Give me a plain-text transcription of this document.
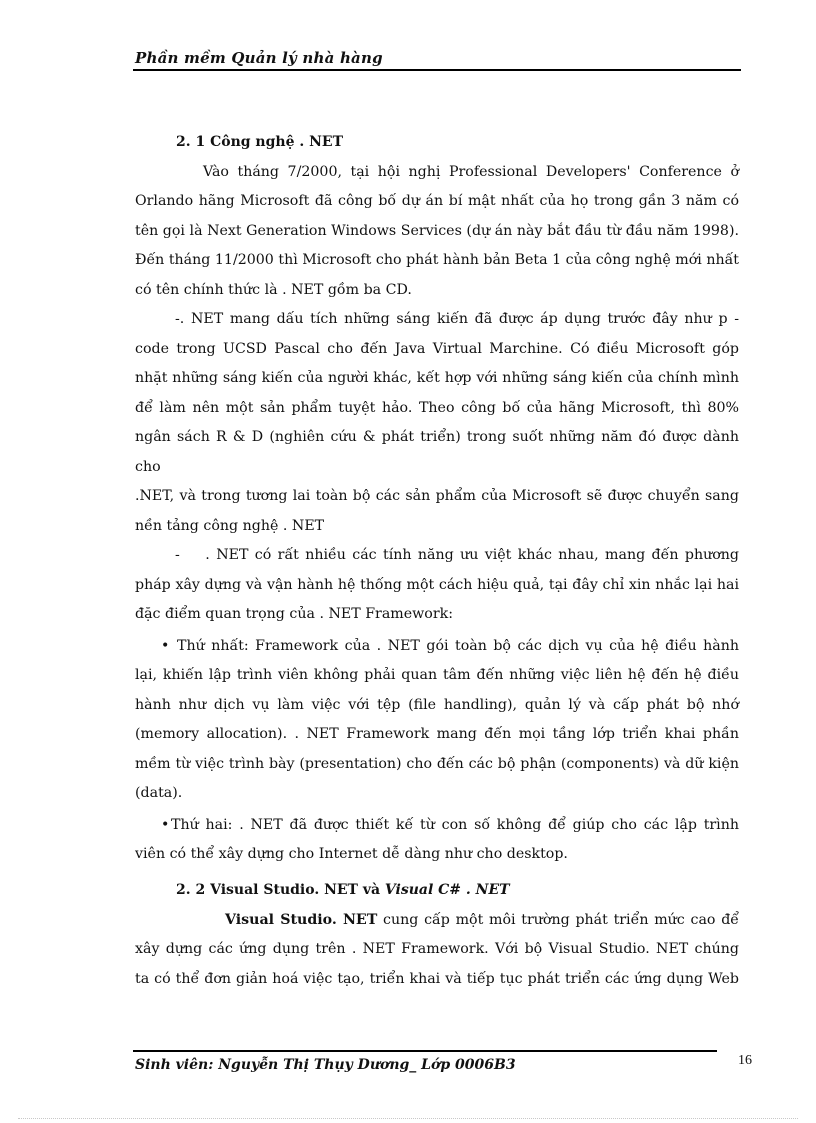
Phần mềm Quản lý nhà hàng
2. 1 Công nghệ . NET

Vào tháng 7/2000, tại hội nghị Professional Developers' Conference ở

Orlando hãng Microsoft đã công bố dự án bí mật nhất của họ trong gần 3 năm có

tên gọi là Next Generation Windows Services (dự án này bắt đầu từ đầu năm 1998).

Đến tháng 11/2000 thì Microsoft cho phát hành bản Beta 1 của công nghệ mới nhất

có tên chính thức là . NET gồm ba CD.

-. NET mang dấu tích những sáng kiến đã được áp dụng trước đây như p -

code trong UCSD Pascal cho đến Java Virtual Marchine. Có điều Microsoft góp

nhặt những sáng kiến của người khác, kết hợp với những sáng kiến của chính mình

để làm nên một sản phẩm tuyệt hảo. Theo công bố của hãng Microsoft, thì 80%

ngân sách R & D (nghiên cứu & phát triển) trong suốt những năm đó được dành cho

.NET, và trong tương lai toàn bộ các sản phẩm của Microsoft sẽ được chuyển sang

nền tảng công nghệ . NET

-    . NET có rất nhiều các tính năng ưu việt khác nhau, mang đến phương

pháp xây dựng và vận hành hệ thống một cách hiệu quả, tại đây chỉ xin nhắc lại hai

đặc điểm quan trọng của . NET Framework:

• Thứ nhất: Framework của . NET gói toàn bộ các dịch vụ của hệ điều hành

lại, khiến lập trình viên không phải quan tâm đến những việc liên hệ đến hệ điều

hành như dịch vụ làm việc với tệp (file handling), quản lý và cấp phát bộ nhớ

(memory allocation). . NET Framework mang đến mọi tầng lớp triển khai phần

mềm từ việc trình bày (presentation) cho đến các bộ phận (components) và dữ kiện

(data).

• Thứ hai: . NET đã được thiết kế từ con số không để giúp cho các lập trình

viên có thể xây dựng cho Internet dễ dàng như cho desktop.

2. 2 Visual Studio. NET và Visual C# . NET

Visual Studio. NET cung cấp một môi trường phát triển mức cao để

xây dựng các ứng dụng trên . NET Framework. Với bộ Visual Studio. NET chúng

ta có thể đơn giản hoá việc tạo, triển khai và tiếp tục phát triển các ứng dụng Web

Sinh viên: Nguyễn Thị Thụy Dương_ Lớp 0006B3	16
